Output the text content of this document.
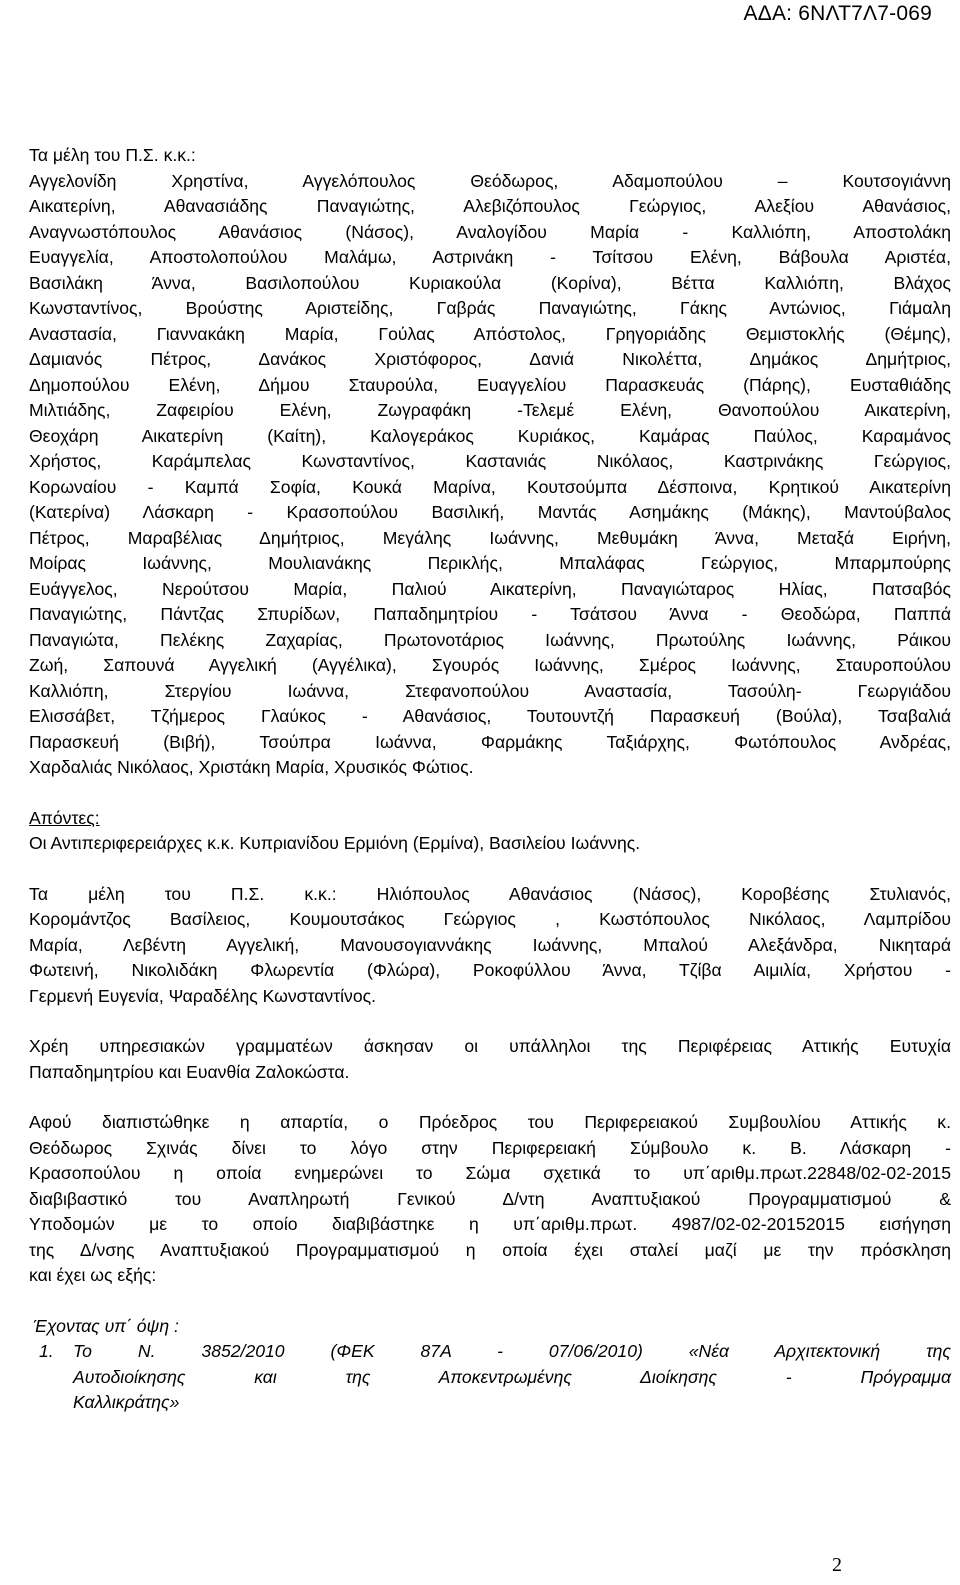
ΑΔΑ: 6ΝΛΤ7Λ7-069
Τα μέλη του Π.Σ. κ.κ.:
Αγγελονίδη Χρηστίνα, Αγγελόπουλος Θεόδωρος, Αδαμοπούλου – Κουτσογιάννη
Αικατερίνη, Αθανασιάδης Παναγιώτης, Αλεβιζόπουλος Γεώργιος, Αλεξίου Αθανάσιος,
Αναγνωστόπουλος Αθανάσιος (Νάσος), Αναλογίδου Μαρία - Καλλιόπη, Αποστολάκη
Ευαγγελία, Αποστολοπούλου Μαλάμω, Αστρινάκη - Τσίτσου Ελένη, Βάβουλα Αριστέα,
Βασιλάκη Άννα, Βασιλοπούλου Κυριακούλα (Κορίνα), Βέττα Καλλιόπη, Βλάχος
Κωνσταντίνος, Βρούστης Αριστείδης, Γαβράς Παναγιώτης, Γάκης Αντώνιος, Γιάμαλη
Αναστασία, Γιαννακάκη Μαρία, Γούλας Απόστολος, Γρηγοριάδης Θεμιστοκλής (Θέμης),
Δαμιανός Πέτρος, Δανάκος Χριστόφορος, Δανιά Νικολέττα, Δημάκος Δημήτριος,
Δημοπούλου Ελένη, Δήμου Σταυρούλα, Ευαγγελίου Παρασκευάς (Πάρης), Ευσταθιάδης
Μιλτιάδης, Ζαφειρίου Ελένη, Ζωγραφάκη -Τελεμέ Ελένη, Θανοπούλου Αικατερίνη,
Θεοχάρη Αικατερίνη (Καίτη), Καλογεράκος Κυριάκος, Καμάρας Παύλος, Καραμάνος
Χρήστος, Καράμπελας Κωνσταντίνος, Καστανιάς Νικόλαος, Καστρινάκης Γεώργιος,
Κορωναίου - Καμπά Σοφία, Κουκά Μαρίνα, Κουτσούμπα Δέσποινα, Κρητικού Αικατερίνη
(Κατερίνα) Λάσκαρη - Κρασοπούλου Βασιλική, Μαντάς Ασημάκης (Μάκης), Μαντούβαλος
Πέτρος, Μαραβέλιας Δημήτριος, Μεγάλης Ιωάννης, Μεθυμάκη Άννα, Μεταξά Ειρήνη,
Μοίρας Ιωάννης, Μουλιανάκης Περικλής, Μπαλάφας Γεώργιος, Μπαρμπούρης
Ευάγγελος, Νερούτσου Μαρία, Παλιού Αικατερίνη, Παναγιώταρος Ηλίας, Πατσαβός
Παναγιώτης, Πάντζας Σπυρίδων, Παπαδημητρίου - Τσάτσου Άννα - Θεοδώρα, Παππά
Παναγιώτα, Πελέκης Ζαχαρίας, Πρωτονοτάριος Ιωάννης, Πρωτούλης Ιωάννης, Ράικου
Ζωή, Σαπουνά Αγγελική (Αγγέλικα), Σγουρός Ιωάννης, Σμέρος Ιωάννης, Σταυροπούλου
Καλλιόπη, Στεργίου Ιωάννα, Στεφανοπούλου Αναστασία, Τασούλη- Γεωργιάδου
Ελισσάβετ, Τζήμερος Γλαύκος - Αθανάσιος, Τουτουντζή Παρασκευή (Βούλα), Τσαβαλιά
Παρασκευή (Βιβή), Τσούπρα Ιωάννα, Φαρμάκης Ταξιάρχης, Φωτόπουλος Ανδρέας,
Χαρδαλιάς Νικόλαος, Χριστάκη Μαρία, Χρυσικός Φώτιος.
Απόντες:
Οι Αντιπεριφερειάρχες κ.κ. Κυπριανίδου Ερμιόνη (Ερμίνα), Βασιλείου Ιωάννης.
Τα μέλη του Π.Σ. κ.κ.: Ηλιόπουλος Αθανάσιος (Νάσος), Κοροβέσης Στυλιανός,
Κορομάντζος Βασίλειος, Κουμουτσάκος Γεώργιος , Κωστόπουλος Νικόλαος, Λαμπρίδου
Μαρία, Λεβέντη Αγγελική, Μανουσογιαννάκης Ιωάννης, Μπαλού Αλεξάνδρα, Νικηταρά
Φωτεινή, Νικολιδάκη Φλωρεντία (Φλώρα), Ροκοφύλλου Άννα, Τζίβα Αιμιλία, Χρήστου -
Γερμενή Ευγενία, Ψαραδέλης Κωνσταντίνος.
Χρέη υπηρεσιακών γραμματέων άσκησαν οι υπάλληλοι της Περιφέρειας Αττικής Ευτυχία
Παπαδημητρίου και Ευανθία Ζαλοκώστα.
Αφού διαπιστώθηκε η απαρτία, ο Πρόεδρος του Περιφερειακού Συμβουλίου Αττικής κ.
Θεόδωρος Σχινάς δίνει το λόγο στην Περιφερειακή Σύμβουλο κ. Β. Λάσκαρη -
Κρασοπούλου η οποία ενημερώνει το Σώμα σχετικά το υπ΄αριθμ.πρωτ.22848/02-02-2015
διαβιβαστικό του Αναπληρωτή Γενικού Δ/ντη Αναπτυξιακού Προγραμματισμού &
Υποδομών με το οποίο διαβιβάστηκε η υπ΄αριθμ.πρωτ. 4987/02-02-20152015 εισήγηση
της Δ/νσης Αναπτυξιακού Προγραμματισμού η οποία έχει σταλεί μαζί με την πρόσκληση
και έχει ως εξής:
Έχοντας υπ΄ όψη :
1.	Το Ν. 3852/2010 (ΦΕΚ 87Α - 07/06/2010) «Νέα Αρχιτεκτονική της
Αυτοδιοίκησης και της Αποκεντρωμένης Διοίκησης - Πρόγραμμα
Καλλικράτης»
2
